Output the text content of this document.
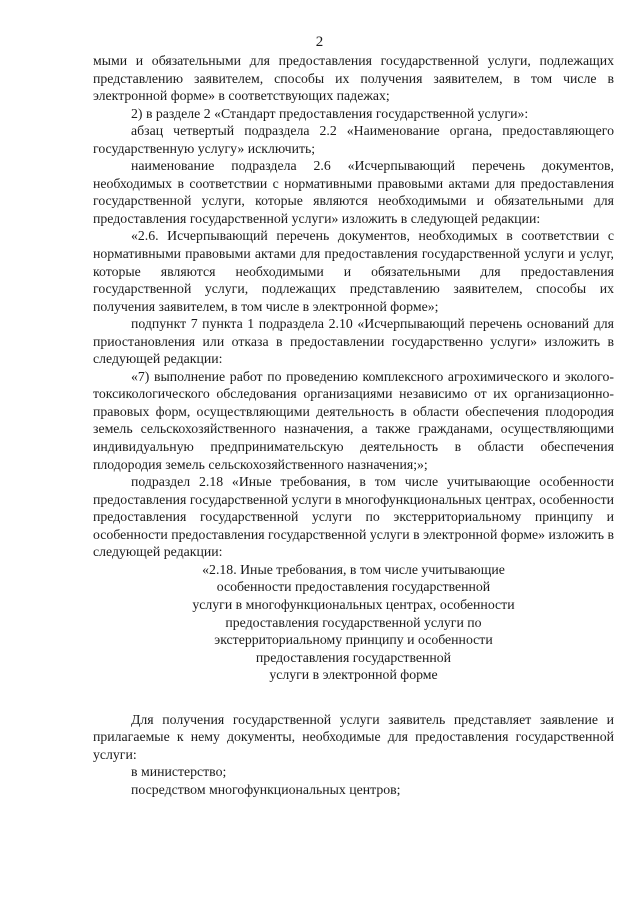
2

мыми и обязательными для предоставления государственной услуги, подлежащих представлению заявителем, способы их получения заявителем, в том числе в электронной форме» в соответствующих падежах;

2) в разделе 2 «Стандарт предоставления государственной услуги»:

абзац четвертый подраздела 2.2 «Наименование органа, предоставляющего государственную услугу» исключить;

наименование подраздела 2.6 «Исчерпывающий перечень документов, необходимых в соответствии с нормативными правовыми актами для предоставления государственной услуги, которые являются необходимыми и обязательными для предоставления государственной услуги» изложить в следующей редакции:

«2.6. Исчерпывающий перечень документов, необходимых в соответствии с нормативными правовыми актами для предоставления государственной услуги и услуг, которые являются необходимыми и обязательными для предоставления государственной услуги, подлежащих представлению заявителем, способы их получения заявителем, в том числе в электронной форме»;

подпункт 7 пункта 1 подраздела 2.10 «Исчерпывающий перечень оснований для приостановления или отказа в предоставлении государственно услуги» изложить в следующей редакции:

«7) выполнение работ по проведению комплексного агрохимического и эколого-токсикологического обследования организациями независимо от их организационно-правовых форм, осуществляющими деятельность в области обеспечения плодородия земель сельскохозяйственного назначения, а также гражданами, осуществляющими индивидуальную предпринимательскую деятельность в области обеспечения плодородия земель сельскохозяйственного назначения;»;

подраздел 2.18 «Иные требования, в том числе учитывающие особенности предоставления государственной услуги в многофункциональных центрах, особенности предоставления государственной услуги по экстерриториальному принципу и особенности предоставления государственной услуги в электронной форме» изложить в следующей редакции:

«2.18. Иные требования, в том числе учитывающие
особенности предоставления государственной
услуги в многофункциональных центрах, особенности
предоставления государственной услуги по
экстерриториальному принципу и особенности
предоставления государственной
услуги в электронной форме

Для получения государственной услуги заявитель представляет заявление и прилагаемые к нему документы, необходимые для предоставления государственной услуги:

в министерство;

посредством многофункциональных центров;
